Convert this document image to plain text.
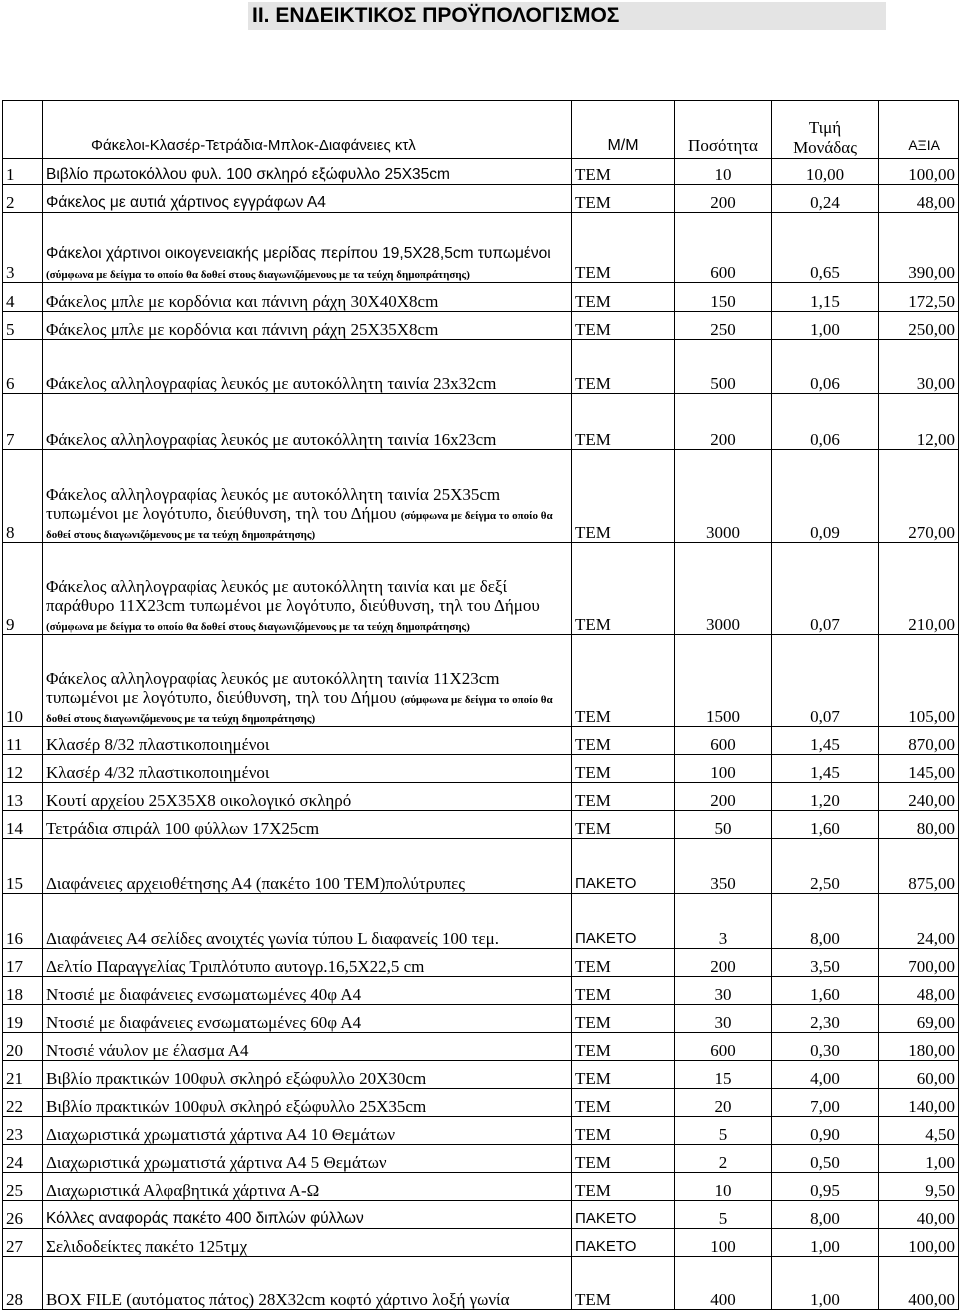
ΙΙ. ΕΝΔΕΙΚΤΙΚΟΣ ΠΡΟΫΠΟΛΟΓΙΣΜΟΣ
	Φάκελοι-Κλασέρ-Τετράδια-Μπλοκ-Διαφάνειες κτλ	Μ/Μ	Ποσότητα	Τιμή Μονάδας	ΑΞΙΑ
1	Βιβλίο πρωτοκόλλου φυλ. 100 σκληρό εξώφυλλο 25Χ35cm	ΤΕΜ	10	10,00	100,00
2	Φάκελος με αυτιά χάρτινος εγγράφων Α4	ΤΕΜ	200	0,24	48,00
3	Φάκελοι χάρτινοι οικογενειακής μερίδας περίπου 19,5Χ28,5cm τυπωμένοι (σύμφωνα με δείγμα το οποίο θα δοθεί στους διαγωνιζόμενους με τα τεύχη δημοπράτησης)	ΤΕΜ	600	0,65	390,00
4	Φάκελος μπλε με κορδόνια και πάνινη ράχη 30Χ40Χ8cm	ΤΕΜ	150	1,15	172,50
5	Φάκελος μπλε με κορδόνια και πάνινη ράχη 25Χ35Χ8cm	ΤΕΜ	250	1,00	250,00
6	Φάκελος αλληλογραφίας λευκός με αυτοκόλλητη ταινία 23x32cm	ΤΕΜ	500	0,06	30,00
7	Φάκελος αλληλογραφίας λευκός με αυτοκόλλητη ταινία 16x23cm	ΤΕΜ	200	0,06	12,00
8	Φάκελος αλληλογραφίας λευκός με αυτοκόλλητη ταινία 25Χ35cm τυπωμένοι με λογότυπο, διεύθυνση, τηλ του Δήμου (σύμφωνα με δείγμα το οποίο θα δοθεί στους διαγωνιζόμενους με τα τεύχη δημοπράτησης)	ΤΕΜ	3000	0,09	270,00
9	Φάκελος αλληλογραφίας λευκός με αυτοκόλλητη ταινία και με δεξί παράθυρο 11Χ23cm τυπωμένοι με λογότυπο, διεύθυνση, τηλ του Δήμου (σύμφωνα με δείγμα το οποίο θα δοθεί στους διαγωνιζόμενους με τα τεύχη δημοπράτησης)	ΤΕΜ	3000	0,07	210,00
10	Φάκελος αλληλογραφίας λευκός με αυτοκόλλητη ταινία 11Χ23cm τυπωμένοι με λογότυπο, διεύθυνση, τηλ του Δήμου (σύμφωνα με δείγμα το οποίο θα δοθεί στους διαγωνιζόμενους με τα τεύχη δημοπράτησης)	ΤΕΜ	1500	0,07	105,00
11	Κλασέρ 8/32 πλαστικοποιημένοι	ΤΕΜ	600	1,45	870,00
12	Κλασέρ 4/32 πλαστικοποιημένοι	ΤΕΜ	100	1,45	145,00
13	Κουτί αρχείου 25Χ35Χ8 οικολογικό σκληρό	ΤΕΜ	200	1,20	240,00
14	Τετράδια σπιράλ 100 φύλλων 17Χ25cm	ΤΕΜ	50	1,60	80,00
15	Διαφάνειες αρχειοθέτησης Α4 (πακέτο 100 ΤΕΜ)πολύτρυπες	ΠΑΚΕΤΟ	350	2,50	875,00
16	Διαφάνειες Α4 σελίδες ανοιχτές γωνία τύπου L διαφανείς 100 τεμ.	ΠΑΚΕΤΟ	3	8,00	24,00
17	Δελτίο Παραγγελίας Τριπλότυπο αυτογρ.16,5Χ22,5 cm	ΤΕΜ	200	3,50	700,00
18	Ντοσιέ με διαφάνειες ενσωματωμένες 40φ Α4	ΤΕΜ	30	1,60	48,00
19	Ντοσιέ με διαφάνειες ενσωματωμένες 60φ Α4	ΤΕΜ	30	2,30	69,00
20	Ντοσιέ νάυλον με έλασμα Α4	ΤΕΜ	600	0,30	180,00
21	Βιβλίο πρακτικών 100φυλ σκληρό εξώφυλλο 20Χ30cm	ΤΕΜ	15	4,00	60,00
22	Βιβλίο πρακτικών 100φυλ σκληρό εξώφυλλο 25Χ35cm	ΤΕΜ	20	7,00	140,00
23	Διαχωριστικά χρωματιστά χάρτινα Α4 10 Θεμάτων	ΤΕΜ	5	0,90	4,50
24	Διαχωριστικά χρωματιστά χάρτινα Α4 5 Θεμάτων	ΤΕΜ	2	0,50	1,00
25	Διαχωριστικά Αλφαβητικά χάρτινα Α-Ω	ΤΕΜ	10	0,95	9,50
26	Κόλλες αναφοράς πακέτο 400 διπλών φύλλων	ΠΑΚΕΤΟ	5	8,00	40,00
27	Σελιδοδείκτες πακέτο 125τμχ	ΠΑΚΕΤΟ	100	1,00	100,00
28	BOX FILE (αυτόματος πάτος) 28Χ32cm κοφτό χάρτινο λοξή γωνία	ΤΕΜ	400	1,00	400,00
